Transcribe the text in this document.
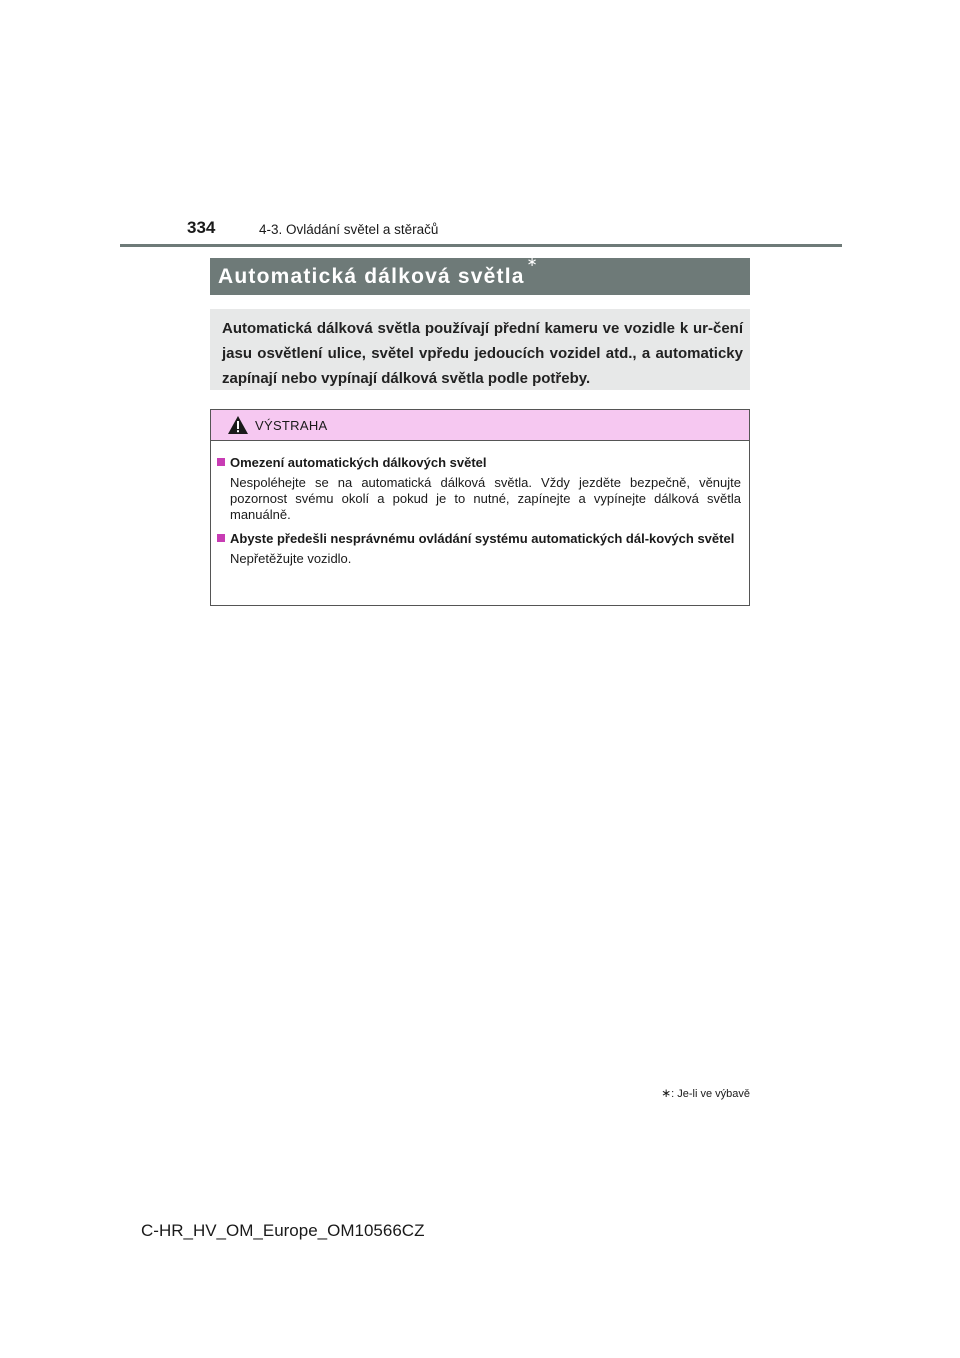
334	4-3. Ovládání světel a stěračů
Automatická dálková světla∗
Automatická dálková světla používají přední kameru ve vozidle k ur-čení jasu osvětlení ulice, světel vpředu jedoucích vozidel atd., a automaticky zapínají nebo vypínají dálková světla podle potřeby.
VÝSTRAHA
Omezení automatických dálkových světel
Nespoléhejte se na automatická dálková světla. Vždy jezděte bezpečně, věnujte pozornost svému okolí a pokud je to nutné, zapínejte a vypínejte dálková světla manuálně.
Abyste předešli nesprávnému ovládání systému automatických dál-kových světel
Nepřetěžujte vozidlo.
∗: Je-li ve výbavě
C-HR_HV_OM_Europe_OM10566CZ
